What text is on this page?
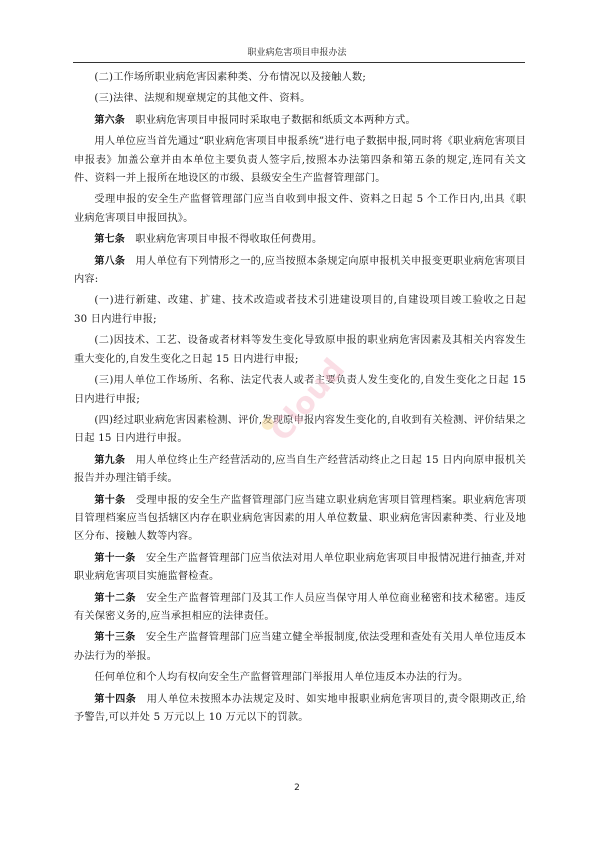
职业病危害项目申报办法

(二)工作场所职业病危害因素种类、分布情况以及接触人数;

(三)法律、法规和规章规定的其他文件、资料。

第六条　职业病危害项目申报同时采取电子数据和纸质文本两种方式。

用人单位应当首先通过“职业病危害项目申报系统”进行电子数据申报,同时将《职业病危害项目申报表》加盖公章并由本单位主要负责人签字后,按照本办法第四条和第五条的规定,连同有关文件、资料一并上报所在地设区的市级、县级安全生产监督管理部门。

受理申报的安全生产监督管理部门应当自收到申报文件、资料之日起 5 个工作日内,出具《职业病危害项目申报回执》。

第七条　职业病危害项目申报不得收取任何费用。

第八条　用人单位有下列情形之一的,应当按照本条规定向原申报机关申报变更职业病危害项目内容:

(一)进行新建、改建、扩建、技术改造或者技术引进建设项目的,自建设项目竣工验收之日起 30 日内进行申报;

(二)因技术、工艺、设备或者材料等发生变化导致原申报的职业病危害因素及其相关内容发生重大变化的,自发生变化之日起 15 日内进行申报;

(三)用人单位工作场所、名称、法定代表人或者主要负责人发生变化的,自发生变化之日起 15 日内进行申报;

(四)经过职业病危害因素检测、评价,发现原申报内容发生变化的,自收到有关检测、评价结果之日起 15 日内进行申报。

第九条　用人单位终止生产经营活动的,应当自生产经营活动终止之日起 15 日内向原申报机关报告并办理注销手续。

第十条　受理申报的安全生产监督管理部门应当建立职业病危害项目管理档案。职业病危害项目管理档案应当包括辖区内存在职业病危害因素的用人单位数量、职业病危害因素种类、行业及地区分布、接触人数等内容。

第十一条　安全生产监督管理部门应当依法对用人单位职业病危害项目申报情况进行抽查,并对职业病危害项目实施监督检查。

第十二条　安全生产监督管理部门及其工作人员应当保守用人单位商业秘密和技术秘密。违反有关保密义务的,应当承担相应的法律责任。

第十三条　安全生产监督管理部门应当建立健全举报制度,依法受理和查处有关用人单位违反本办法行为的举报。

任何单位和个人均有权向安全生产监督管理部门举报用人单位违反本办法的行为。

第十四条　用人单位未按照本办法规定及时、如实地申报职业病危害项目的,责令限期改正,给予警告,可以并处 5 万元以上 10 万元以下的罚款。

Cloud
2
